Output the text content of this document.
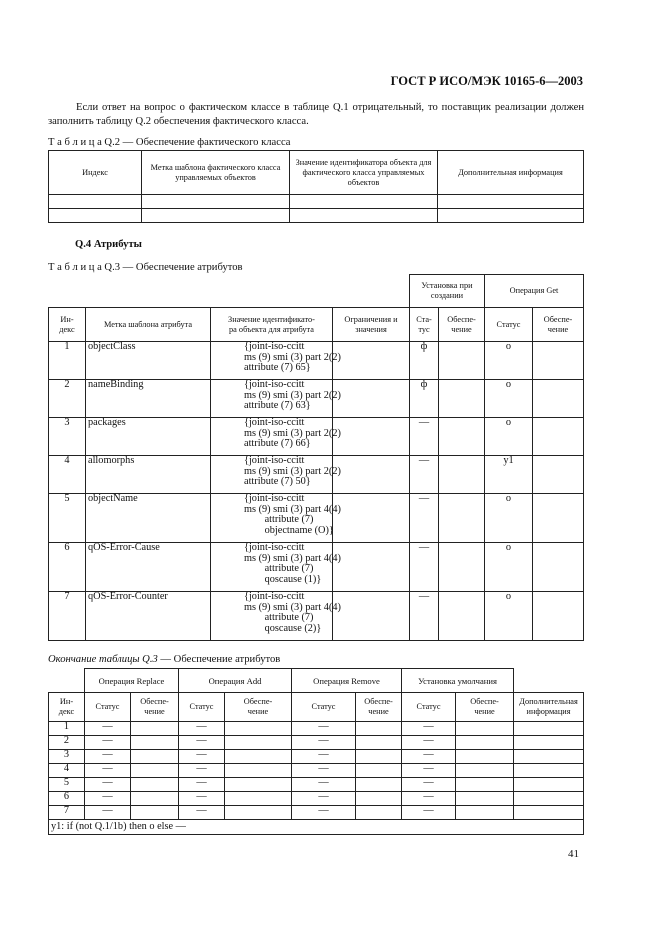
ГОСТ Р ИСО/МЭК 10165-6—2003
Если ответ на вопрос о фактическом классе в таблице Q.1 отрицательный, то поставщик реализации должен заполнить таблицу Q.2 обеспечения фактического класса.
Т а б л и ц а Q.2 — Обеспечение фактического класса
Индекс	Метка шаблона фактического класса управляемых объектов	Значение идентификатора объекта для фактического класса управляемых объектов	Дополнительная информация

Q.4 Атрибуты
Т а б л и ц а Q.3 — Обеспечение атрибутов
				Установка при создании		Операция Get	
Ин-
декс	Метка шаблона атрибута	Значение идентификато-
ра объекта для атрибута	Ограничения и
значения	Ста-
тус	Обеспе-
чение	Статус	Обеспе-
чение
1	objectClass	{joint-iso-ccitt
ms (9) smi (3) part 2(2)
attribute (7) 65}		ф		o	
2	nameBinding	{joint-iso-ccitt
ms (9) smi (3) part 2(2)
attribute (7) 63}		ф		o	
3	packages	{joint-iso-ccitt
ms (9) smi (3) part 2(2)
attribute (7) 66}		—		o	
4	allomorphs	{joint-iso-ccitt
ms (9) smi (3) part 2(2)
attribute (7) 50}		—		y1	
5	objectName	{joint-iso-ccitt
ms (9) smi (3) part 4(4)
attribute (7)
objectname (O)}		—		o	
6	qOS-Error-Cause	{joint-iso-ccitt
ms (9) smi (3) part 4(4)
attribute (7)
qoscause (1)}		—		o	
7	qOS-Error-Counter	{joint-iso-ccitt
ms (9) smi (3) part 4(4)
attribute (7)
qoscause (2)}		—		o	
Окончание таблицы Q.3 — Обеспечение атрибутов
	Операция Replace		Операция Add		Операция Remove		Установка умолчания		
Ин-
декс	Статус	Обеспе-
чение	Статус	Обеспе-
чение	Статус	Обеспе-
чение	Статус	Обеспе-
чение	Дополнительная
информация
1	—		—		—		—		
2	—		—		—		—		
3	—		—		—		—		
4	—		—		—		—		
5	—		—		—		—		
6	—		—		—		—		
7	—		—		—		—		
y1: if (not Q.1/1b) then o else —									
41
